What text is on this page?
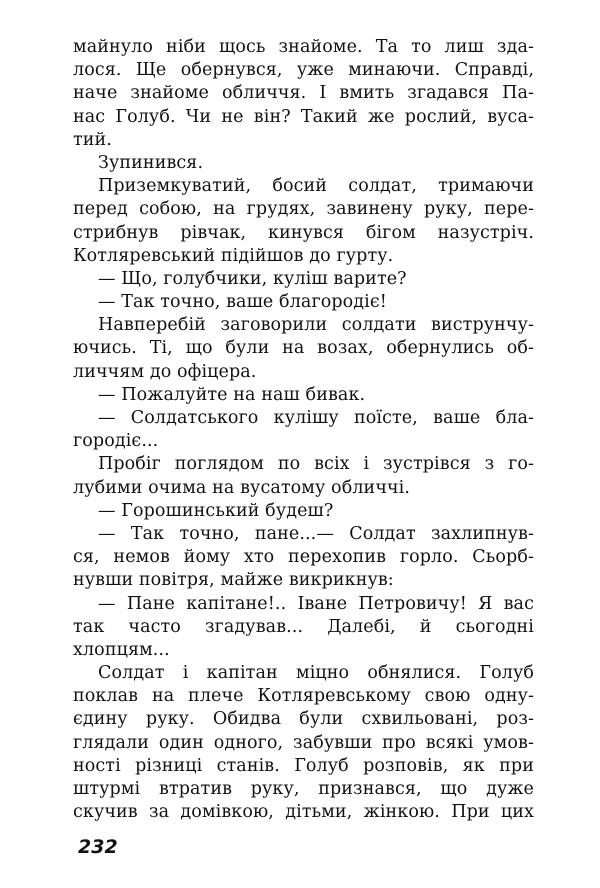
майнуло ніби щось знайоме. Та то лиш зда-
лося. Ще обернувся, уже минаючи. Справді,
наче знайоме обличчя. І вмить згадався Па-
нас Голуб. Чи не він? Такий же рослий, вуса-
тий.
Зупинився.
Приземкуватий, босий солдат, тримаючи
перед собою, на грудях, завинену руку, пере-
стрибнув рівчак, кинувся бігом назустріч.
Котляревський підійшов до гурту.
— Що, голубчики, куліш варите?
— Так точно, ваше благородіє!
Навперебій заговорили солдати виструнчу-
ючись. Ті, що були на возах, обернулись об-
личчям до офіцера.
— Пожалуйте на наш бивак.
— Солдатського кулішу поїсте, ваше бла-
городіє...
Пробіг поглядом по всіх і зустрівся з го-
лубими очима на вусатому обличчі.
— Горошинський будеш?
— Так точно, пане...— Солдат захлипнув-
ся, немов йому хто перехопив горло. Сьорб-
нувши повітря, майже викрикнув:
— Пане капітане!.. Іване Петровичу! Я вас
так часто згадував... Далебі, й сьогодні
хлопцям...
Солдат і капітан міцно обнялися. Голуб
поклав на плече Котляревському свою одну-
єдину руку. Обидва були схвильовані, роз-
глядали один одного, забувши про всякі умов-
ності різниці станів. Голуб розповів, як при
штурмі втратив руку, признався, що дуже
скучив за домівкою, дітьми, жінкою. При цих
232
